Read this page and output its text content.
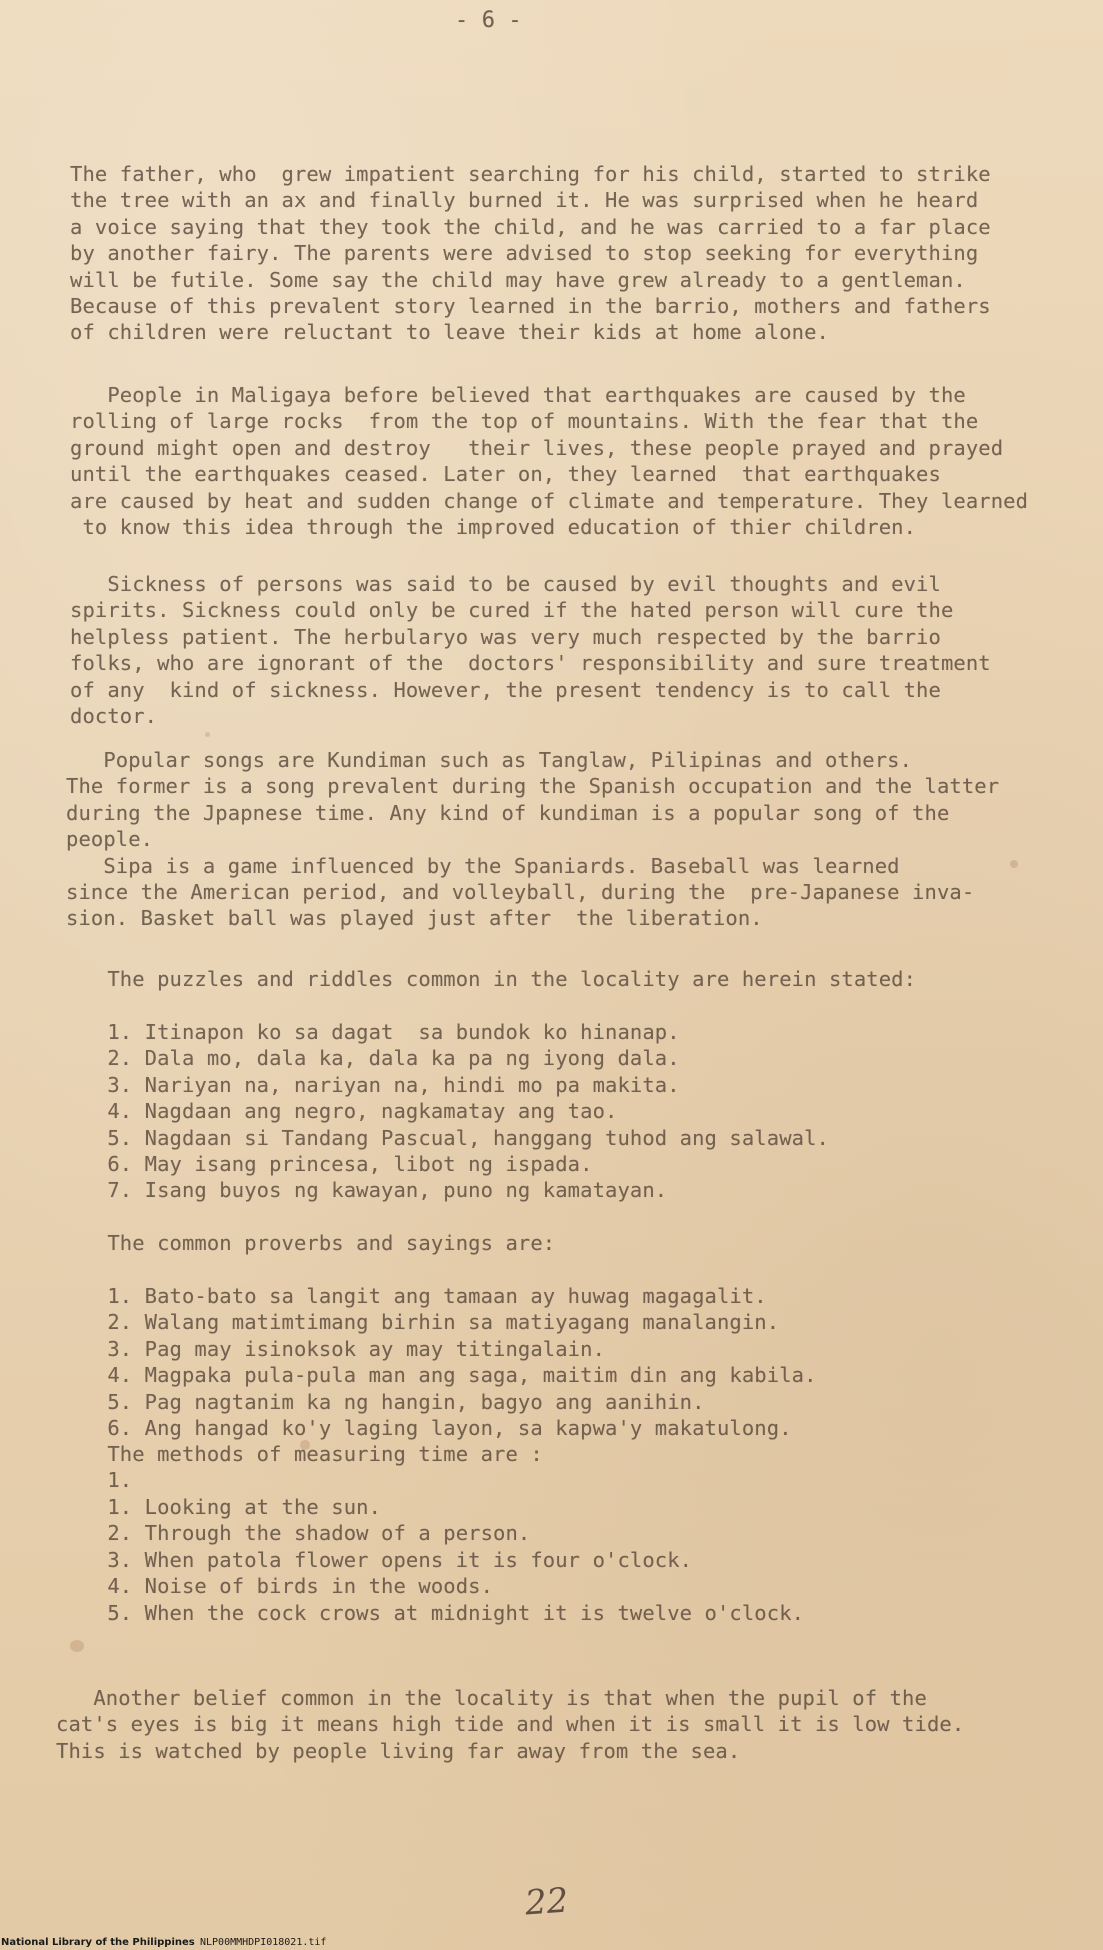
- 6 -
The father, who  grew impatient searching for his child, started to strike
the tree with an ax and finally burned it. He was surprised when he heard
a voice saying that they took the child, and he was carried to a far place
by another fairy. The parents were advised to stop seeking for everything
will be futile. Some say the child may have grew already to a gentleman.
Because of this prevalent story learned in the barrio, mothers and fathers
of children were reluctant to leave their kids at home alone.
People in Maligaya before believed that earthquakes are caused by the
rolling of large rocks  from the top of mountains. With the fear that the
ground might open and destroy   their lives, these people prayed and prayed
until the earthquakes ceased. Later on, they learned  that earthquakes
are caused by heat and sudden change of climate and temperature. They learned
to know this idea through the improved education of thier children.
Sickness of persons was said to be caused by evil thoughts and evil
spirits. Sickness could only be cured if the hated person will cure the
helpless patient. The herbularyo was very much respected by the barrio
folks, who are ignorant of the  doctors' responsibility and sure treatment
of any  kind of sickness. However, the present tendency is to call the
doctor.
Popular songs are Kundiman such as Tanglaw, Pilipinas and others.
The former is a song prevalent during the Spanish occupation and the latter
during the Jpapnese time. Any kind of kundiman is a popular song of the
people.
Sipa is a game influenced by the Spaniards. Baseball was learned
since the American period, and volleyball, during the  pre-Japanese inva-
sion. Basket ball was played just after  the liberation.
The puzzles and riddles common in the locality are herein stated:
1. Itinapon ko sa dagat  sa bundok ko hinanap.
2. Dala mo, dala ka, dala ka pa ng iyong dala.
3. Nariyan na, nariyan na, hindi mo pa makita.
4. Nagdaan ang negro, nagkamatay ang tao.
5. Nagdaan si Tandang Pascual, hanggang tuhod ang salawal.
6. May isang princesa, libot ng ispada.
7. Isang buyos ng kawayan, puno ng kamatayan.
The common proverbs and sayings are:
1. Bato-bato sa langit ang tamaan ay huwag magagalit.
2. Walang matimtimang birhin sa matiyagang manalangin.
3. Pag may isinoksok ay may titingalain.
4. Magpaka pula-pula man ang saga, maitim din ang kabila.
5. Pag nagtanim ka ng hangin, bagyo ang aanihin.
6. Ang hangad ko'y laging layon, sa kapwa'y makatulong.
The methods of measuring time are :
1.
1. Looking at the sun.
2. Through the shadow of a person.
3. When patola flower opens it is four o'clock.
4. Noise of birds in the woods.
5. When the cock crows at midnight it is twelve o'clock.
Another belief common in the locality is that when the pupil of the
cat's eyes is big it means high tide and when it is small it is low tide.
This is watched by people living far away from the sea.
22
National Library of the Philippines NLP00MMHDPI018021.tif
